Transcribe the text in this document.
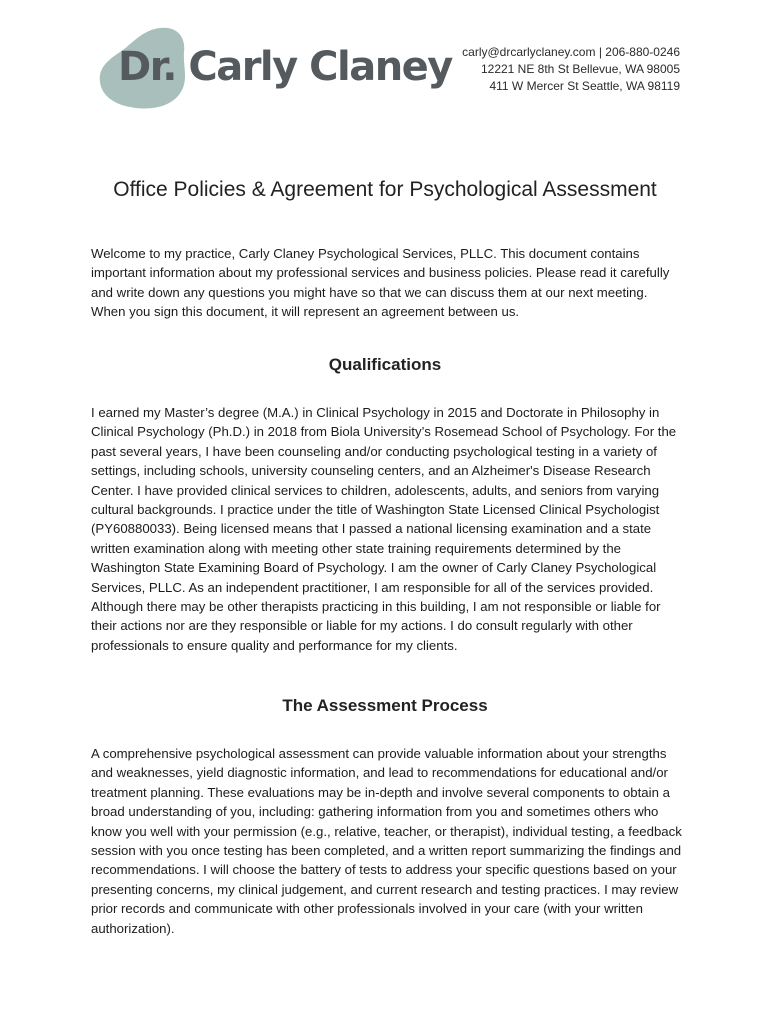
Dr. Carly Claney carly@drcarlyclaney.com | 206-880-0246
12221 NE 8th St Bellevue, WA 98005
411 W Mercer St Seattle, WA 98119
Office Policies & Agreement for Psychological Assessment

Welcome to my practice, Carly Claney Psychological Services, PLLC. This document contains important information about my professional services and business policies. Please read it carefully and write down any questions you might have so that we can discuss them at our next meeting. When you sign this document, it will represent an agreement between us.

Qualifications

I earned my Master’s degree (M.A.) in Clinical Psychology in 2015 and Doctorate in Philosophy in Clinical Psychology (Ph.D.) in 2018 from Biola University’s Rosemead School of Psychology. For the past several years, I have been counseling and/or conducting psychological testing in a variety of settings, including schools, university counseling centers, and an Alzheimer's Disease Research Center. I have provided clinical services to children, adolescents, adults, and seniors from varying cultural backgrounds. I practice under the title of Washington State Licensed Clinical Psychologist (PY60880033). Being licensed means that I passed a national licensing examination and a state written examination along with meeting other state training requirements determined by the Washington State Examining Board of Psychology. I am the owner of Carly Claney Psychological Services, PLLC. As an independent practitioner, I am responsible for all of the services provided. Although there may be other therapists practicing in this building, I am not responsible or liable for their actions nor are they responsible or liable for my actions. I do consult regularly with other professionals to ensure quality and performance for my clients.

The Assessment Process

A comprehensive psychological assessment can provide valuable information about your strengths and weaknesses, yield diagnostic information, and lead to recommendations for educational and/or treatment planning. These evaluations may be in-depth and involve several components to obtain a broad understanding of you, including: gathering information from you and sometimes others who know you well with your permission (e.g., relative, teacher, or therapist), individual testing, a feedback session with you once testing has been completed, and a written report summarizing the findings and recommendations. I will choose the battery of tests to address your specific questions based on your presenting concerns, my clinical judgement, and current research and testing practices. I may review prior records and communicate with other professionals involved in your care (with your written authorization).
